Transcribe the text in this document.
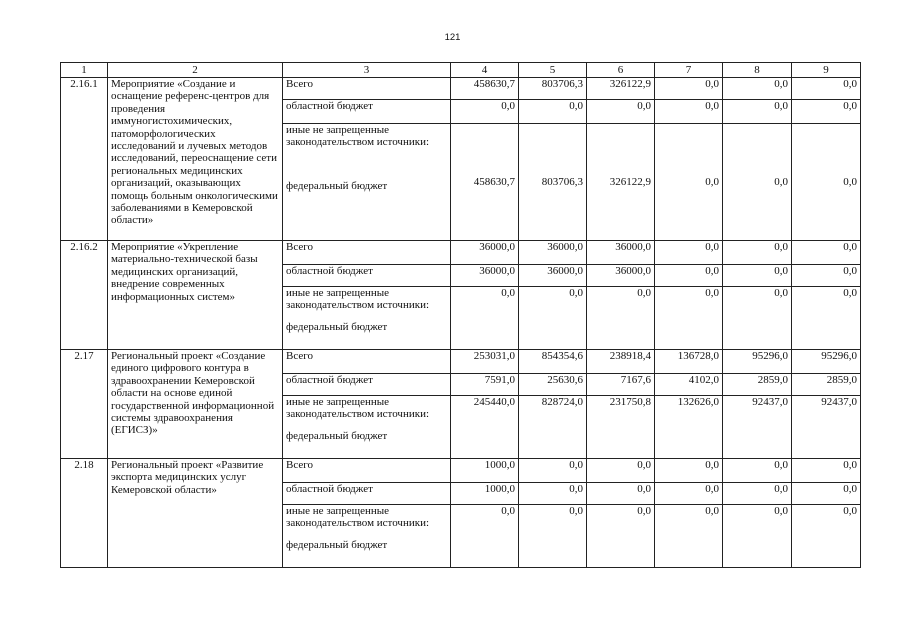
121
1	2	3	4	5	6	7	8	9
2.16.1	Мероприятие «Создание и оснащение референс-центров для проведения иммуногистохимических, патоморфологических исследований и лучевых методов исследований, переоснащение сети региональных медицинских организаций, оказывающих помощь больным онкологическими заболеваниями в Кемеровской области»	Всего	458630,7	803706,3	326122,9	0,0	0,0	0,0
		областной бюджет	0,0	0,0	0,0	0,0	0,0	0,0
		иные не запрещенные законодательством источники:	458630,7	803706,3	326122,9	0,0	0,0	0,0
		федеральный бюджет						
2.16.2	Мероприятие «Укрепление материально-технической базы медицинских организаций, внедрение современных информационных систем»	Всего	36000,0	36000,0	36000,0	0,0	0,0	0,0
		областной бюджет	36000,0	36000,0	36000,0	0,0	0,0	0,0
		иные не запрещенные законодательством источники:	0,0	0,0	0,0	0,0	0,0	0,0
		федеральный бюджет						
2.17	Региональный проект «Создание единого цифрового контура в здравоохранении Кемеровской области на основе единой государственной информационной системы здравоохранения (ЕГИСЗ)»	Всего	253031,0	854354,6	238918,4	136728,0	95296,0	95296,0
		областной бюджет	7591,0	25630,6	7167,6	4102,0	2859,0	2859,0
		иные не запрещенные законодательством источники:	245440,0	828724,0	231750,8	132626,0	92437,0	92437,0
		федеральный бюджет						
2.18	Региональный проект «Развитие экспорта медицинских услуг Кемеровской области»	Всего	1000,0	0,0	0,0	0,0	0,0	0,0
		областной бюджет	1000,0	0,0	0,0	0,0	0,0	0,0
		иные не запрещенные законодательством источники:	0,0	0,0	0,0	0,0	0,0	0,0
		федеральный бюджет						
